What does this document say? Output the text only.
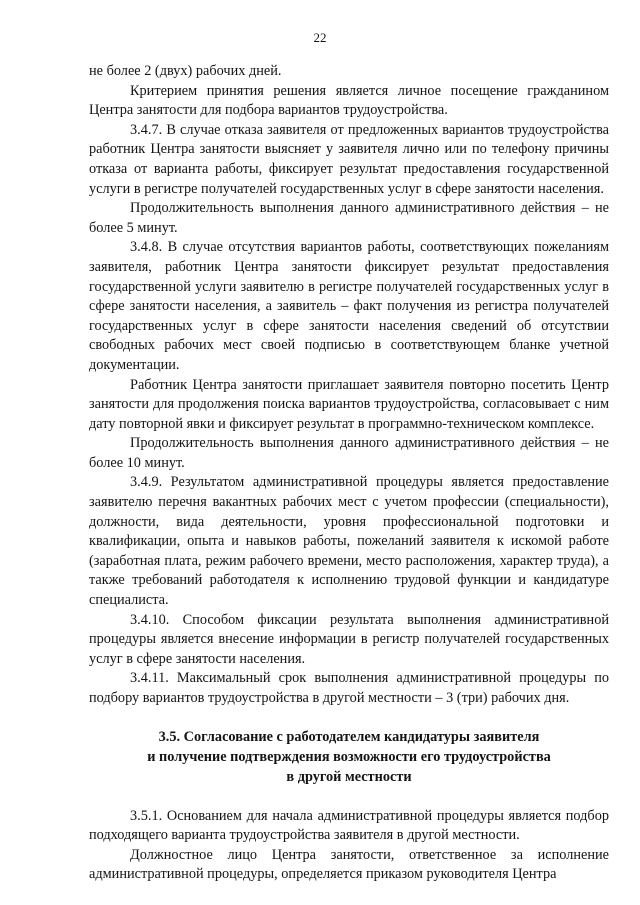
22

не более 2 (двух) рабочих дней.

Критерием принятия решения является личное посещение гражданином Центра занятости для подбора вариантов трудоустройства.

3.4.7. В случае отказа заявителя от предложенных вариантов трудоустройства работник Центра занятости выясняет у заявителя лично или по телефону причины отказа от варианта работы, фиксирует результат предоставления государственной услуги в регистре получателей государственных услуг в сфере занятости населения.

Продолжительность выполнения данного административного действия – не более 5 минут.

3.4.8. В случае отсутствия вариантов работы, соответствующих пожеланиям заявителя, работник Центра занятости фиксирует результат предоставления государственной услуги заявителю в регистре получателей государственных услуг в сфере занятости населения, а заявитель – факт получения из регистра получателей государственных услуг в сфере занятости населения сведений об отсутствии свободных рабочих мест своей подписью в соответствующем бланке учетной документации.

Работник Центра занятости приглашает заявителя повторно посетить Центр занятости для продолжения поиска вариантов трудоустройства, согласовывает с ним дату повторной явки и фиксирует результат в программно-техническом комплексе.

Продолжительность выполнения данного административного действия – не более 10 минут.

3.4.9. Результатом административной процедуры является предоставление заявителю перечня вакантных рабочих мест с учетом профессии (специальности), должности, вида деятельности, уровня профессиональной подготовки и квалификации, опыта и навыков работы, пожеланий заявителя к искомой работе (заработная плата, режим рабочего времени, место расположения, характер труда), а также требований работодателя к исполнению трудовой функции и кандидатуре специалиста.

3.4.10. Способом фиксации результата выполнения административной процедуры является внесение информации в регистр получателей государственных услуг в сфере занятости населения.

3.4.11. Максимальный срок выполнения административной процедуры по подбору вариантов трудоустройства в другой местности – 3 (три) рабочих дня.

3.5. Согласование с работодателем кандидатуры заявителя
и получение подтверждения возможности его трудоустройства
в другой местности

3.5.1. Основанием для начала административной процедуры является подбор подходящего варианта трудоустройства заявителя в другой местности.

Должностное лицо Центра занятости, ответственное за исполнение административной процедуры, определяется приказом руководителя Центра
